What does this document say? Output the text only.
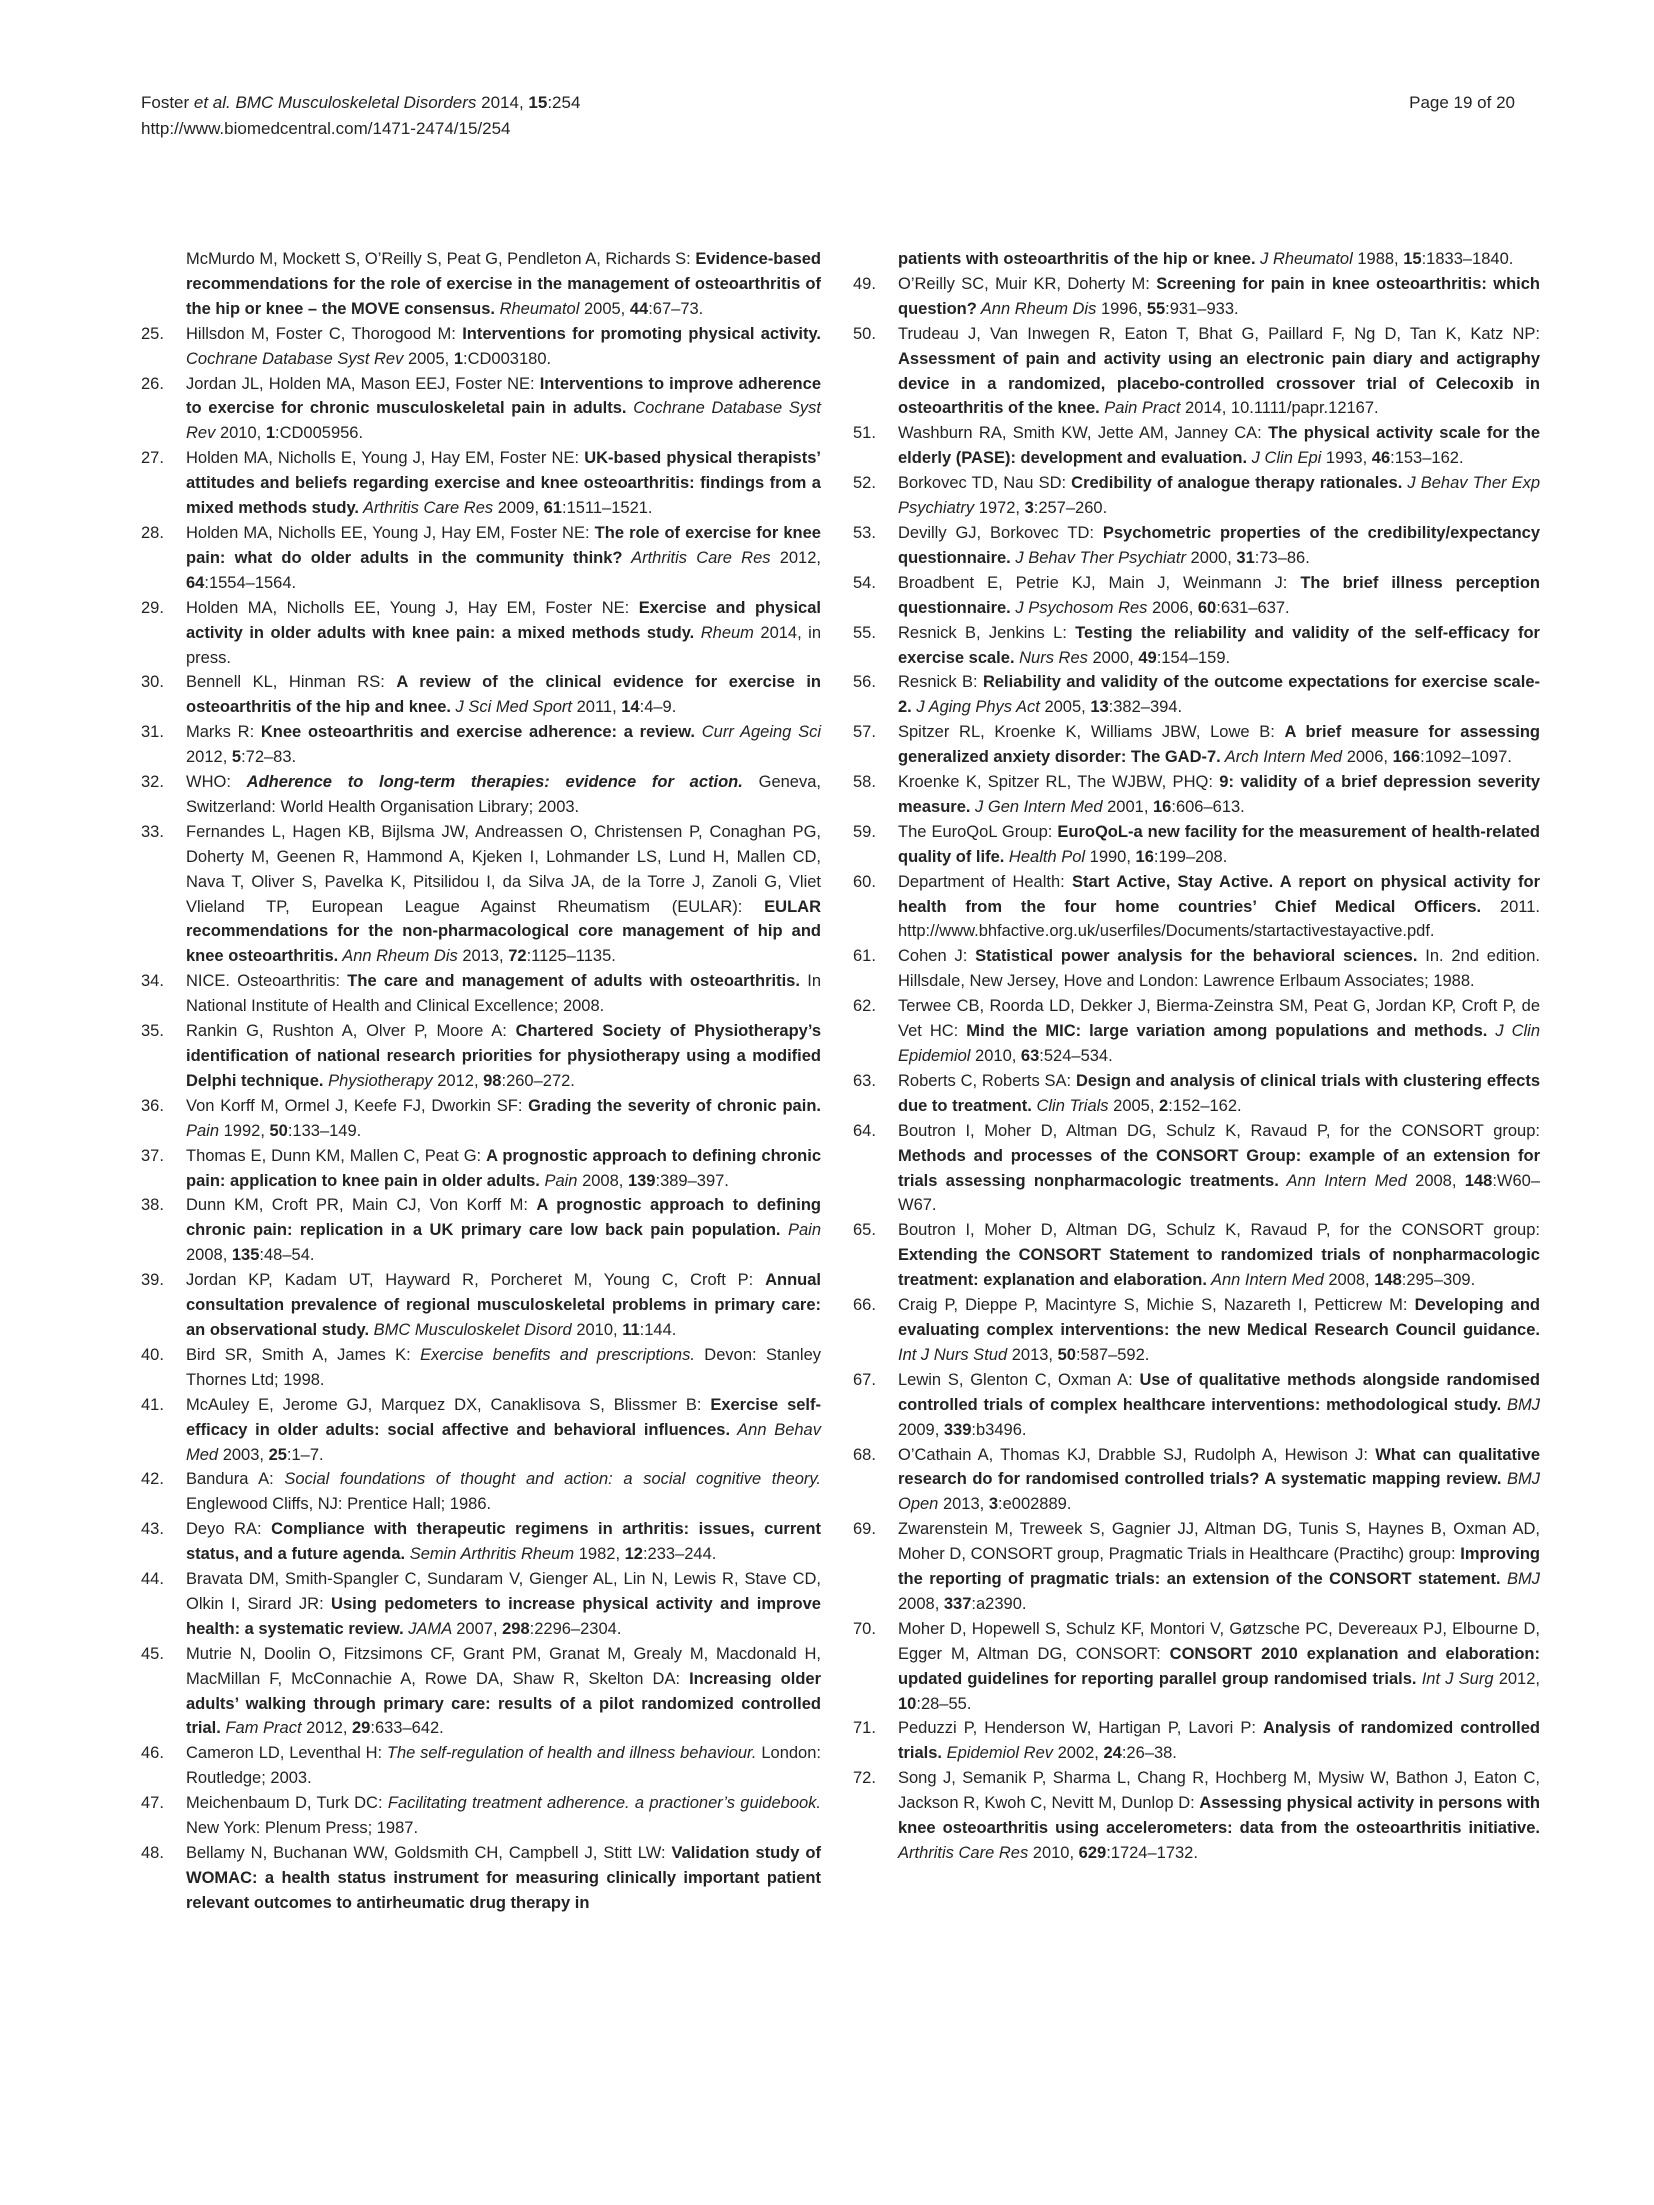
Foster et al. BMC Musculoskeletal Disorders 2014, 15:254
http://www.biomedcentral.com/1471-2474/15/254
Page 19 of 20
McMurdo M, Mockett S, O’Reilly S, Peat G, Pendleton A, Richards S: Evidence-based recommendations for the role of exercise in the management of osteoarthritis of the hip or knee – the MOVE consensus. Rheumatol 2005, 44:67–73.
25.	Hillsdon M, Foster C, Thorogood M: Interventions for promoting physical activity. Cochrane Database Syst Rev 2005, 1:CD003180.
26.	Jordan JL, Holden MA, Mason EEJ, Foster NE: Interventions to improve adherence to exercise for chronic musculoskeletal pain in adults. Cochrane Database Syst Rev 2010, 1:CD005956.
27.	Holden MA, Nicholls E, Young J, Hay EM, Foster NE: UK-based physical therapists’ attitudes and beliefs regarding exercise and knee osteoarthritis: findings from a mixed methods study. Arthritis Care Res 2009, 61:1511–1521.
28.	Holden MA, Nicholls EE, Young J, Hay EM, Foster NE: The role of exercise for knee pain: what do older adults in the community think? Arthritis Care Res 2012, 64:1554–1564.
29.	Holden MA, Nicholls EE, Young J, Hay EM, Foster NE: Exercise and physical activity in older adults with knee pain: a mixed methods study. Rheum 2014, in press.
30.	Bennell KL, Hinman RS: A review of the clinical evidence for exercise in osteoarthritis of the hip and knee. J Sci Med Sport 2011, 14:4–9.
31.	Marks R: Knee osteoarthritis and exercise adherence: a review. Curr Ageing Sci 2012, 5:72–83.
32.	WHO: Adherence to long-term therapies: evidence for action. Geneva, Switzerland: World Health Organisation Library; 2003.
33.	Fernandes L, Hagen KB, Bijlsma JW, Andreassen O, Christensen P, Conaghan PG, Doherty M, Geenen R, Hammond A, Kjeken I, Lohmander LS, Lund H, Mallen CD, Nava T, Oliver S, Pavelka K, Pitsilidou I, da Silva JA, de la Torre J, Zanoli G, Vliet Vlieland TP, European League Against Rheumatism (EULAR): EULAR recommendations for the non-pharmacological core management of hip and knee osteoarthritis. Ann Rheum Dis 2013, 72:1125–1135.
34.	NICE. Osteoarthritis: The care and management of adults with osteoarthritis. In National Institute of Health and Clinical Excellence; 2008.
35.	Rankin G, Rushton A, Olver P, Moore A: Chartered Society of Physiotherapy’s identification of national research priorities for physiotherapy using a modified Delphi technique. Physiotherapy 2012, 98:260–272.
36.	Von Korff M, Ormel J, Keefe FJ, Dworkin SF: Grading the severity of chronic pain. Pain 1992, 50:133–149.
37.	Thomas E, Dunn KM, Mallen C, Peat G: A prognostic approach to defining chronic pain: application to knee pain in older adults. Pain 2008, 139:389–397.
38.	Dunn KM, Croft PR, Main CJ, Von Korff M: A prognostic approach to defining chronic pain: replication in a UK primary care low back pain population. Pain 2008, 135:48–54.
39.	Jordan KP, Kadam UT, Hayward R, Porcheret M, Young C, Croft P: Annual consultation prevalence of regional musculoskeletal problems in primary care: an observational study. BMC Musculoskelet Disord 2010, 11:144.
40.	Bird SR, Smith A, James K: Exercise benefits and prescriptions. Devon: Stanley Thornes Ltd; 1998.
41.	McAuley E, Jerome GJ, Marquez DX, Canaklisova S, Blissmer B: Exercise self-efficacy in older adults: social affective and behavioral influences. Ann Behav Med 2003, 25:1–7.
42.	Bandura A: Social foundations of thought and action: a social cognitive theory. Englewood Cliffs, NJ: Prentice Hall; 1986.
43.	Deyo RA: Compliance with therapeutic regimens in arthritis: issues, current status, and a future agenda. Semin Arthritis Rheum 1982, 12:233–244.
44.	Bravata DM, Smith-Spangler C, Sundaram V, Gienger AL, Lin N, Lewis R, Stave CD, Olkin I, Sirard JR: Using pedometers to increase physical activity and improve health: a systematic review. JAMA 2007, 298:2296–2304.
45.	Mutrie N, Doolin O, Fitzsimons CF, Grant PM, Granat M, Grealy M, Macdonald H, MacMillan F, McConnachie A, Rowe DA, Shaw R, Skelton DA: Increasing older adults’ walking through primary care: results of a pilot randomized controlled trial. Fam Pract 2012, 29:633–642.
46.	Cameron LD, Leventhal H: The self-regulation of health and illness behaviour. London: Routledge; 2003.
47.	Meichenbaum D, Turk DC: Facilitating treatment adherence. a practioner’s guidebook. New York: Plenum Press; 1987.
48.	Bellamy N, Buchanan WW, Goldsmith CH, Campbell J, Stitt LW: Validation study of WOMAC: a health status instrument for measuring clinically important patient relevant outcomes to antirheumatic drug therapy in
patients with osteoarthritis of the hip or knee. J Rheumatol 1988, 15:1833–1840.
49.	O’Reilly SC, Muir KR, Doherty M: Screening for pain in knee osteoarthritis: which question? Ann Rheum Dis 1996, 55:931–933.
50.	Trudeau J, Van Inwegen R, Eaton T, Bhat G, Paillard F, Ng D, Tan K, Katz NP: Assessment of pain and activity using an electronic pain diary and actigraphy device in a randomized, placebo-controlled crossover trial of Celecoxib in osteoarthritis of the knee. Pain Pract 2014, 10.1111/papr.12167.
51.	Washburn RA, Smith KW, Jette AM, Janney CA: The physical activity scale for the elderly (PASE): development and evaluation. J Clin Epi 1993, 46:153–162.
52.	Borkovec TD, Nau SD: Credibility of analogue therapy rationales. J Behav Ther Exp Psychiatry 1972, 3:257–260.
53.	Devilly GJ, Borkovec TD: Psychometric properties of the credibility/expectancy questionnaire. J Behav Ther Psychiatr 2000, 31:73–86.
54.	Broadbent E, Petrie KJ, Main J, Weinmann J: The brief illness perception questionnaire. J Psychosom Res 2006, 60:631–637.
55.	Resnick B, Jenkins L: Testing the reliability and validity of the self-efficacy for exercise scale. Nurs Res 2000, 49:154–159.
56.	Resnick B: Reliability and validity of the outcome expectations for exercise scale-2. J Aging Phys Act 2005, 13:382–394.
57.	Spitzer RL, Kroenke K, Williams JBW, Lowe B: A brief measure for assessing generalized anxiety disorder: The GAD-7. Arch Intern Med 2006, 166:1092–1097.
58.	Kroenke K, Spitzer RL, The WJBW, PHQ: 9: validity of a brief depression severity measure. J Gen Intern Med 2001, 16:606–613.
59.	The EuroQoL Group: EuroQoL-a new facility for the measurement of health-related quality of life. Health Pol 1990, 16:199–208.
60.	Department of Health: Start Active, Stay Active. A report on physical activity for health from the four home countries’ Chief Medical Officers. 2011. http://www.bhfactive.org.uk/userfiles/Documents/startactivestayactive.pdf.
61.	Cohen J: Statistical power analysis for the behavioral sciences. In. 2nd edition. Hillsdale, New Jersey, Hove and London: Lawrence Erlbaum Associates; 1988.
62.	Terwee CB, Roorda LD, Dekker J, Bierma-Zeinstra SM, Peat G, Jordan KP, Croft P, de Vet HC: Mind the MIC: large variation among populations and methods. J Clin Epidemiol 2010, 63:524–534.
63.	Roberts C, Roberts SA: Design and analysis of clinical trials with clustering effects due to treatment. Clin Trials 2005, 2:152–162.
64.	Boutron I, Moher D, Altman DG, Schulz K, Ravaud P, for the CONSORT group: Methods and processes of the CONSORT Group: example of an extension for trials assessing nonpharmacologic treatments. Ann Intern Med 2008, 148:W60–W67.
65.	Boutron I, Moher D, Altman DG, Schulz K, Ravaud P, for the CONSORT group: Extending the CONSORT Statement to randomized trials of nonpharmacologic treatment: explanation and elaboration. Ann Intern Med 2008, 148:295–309.
66.	Craig P, Dieppe P, Macintyre S, Michie S, Nazareth I, Petticrew M: Developing and evaluating complex interventions: the new Medical Research Council guidance. Int J Nurs Stud 2013, 50:587–592.
67.	Lewin S, Glenton C, Oxman A: Use of qualitative methods alongside randomised controlled trials of complex healthcare interventions: methodological study. BMJ 2009, 339:b3496.
68.	O’Cathain A, Thomas KJ, Drabble SJ, Rudolph A, Hewison J: What can qualitative research do for randomised controlled trials? A systematic mapping review. BMJ Open 2013, 3:e002889.
69.	Zwarenstein M, Treweek S, Gagnier JJ, Altman DG, Tunis S, Haynes B, Oxman AD, Moher D, CONSORT group, Pragmatic Trials in Healthcare (Practihc) group: Improving the reporting of pragmatic trials: an extension of the CONSORT statement. BMJ 2008, 337:a2390.
70.	Moher D, Hopewell S, Schulz KF, Montori V, Gøtzsche PC, Devereaux PJ, Elbourne D, Egger M, Altman DG, CONSORT: CONSORT 2010 explanation and elaboration: updated guidelines for reporting parallel group randomised trials. Int J Surg 2012, 10:28–55.
71.	Peduzzi P, Henderson W, Hartigan P, Lavori P: Analysis of randomized controlled trials. Epidemiol Rev 2002, 24:26–38.
72.	Song J, Semanik P, Sharma L, Chang R, Hochberg M, Mysiw W, Bathon J, Eaton C, Jackson R, Kwoh C, Nevitt M, Dunlop D: Assessing physical activity in persons with knee osteoarthritis using accelerometers: data from the osteoarthritis initiative. Arthritis Care Res 2010, 629:1724–1732.
